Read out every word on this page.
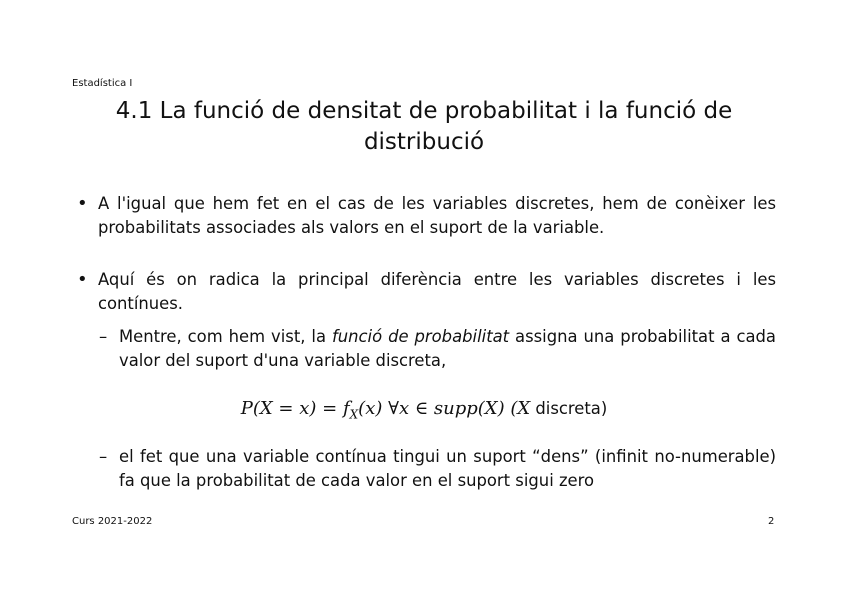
Estadística I
4.1 La funció de densitat de probabilitat i la funció de
distribució
• A l'igual que hem fet en el cas de les variables discretes, hem de conèixer les probabilitats associades als valors en el suport de la variable.
• Aquí és on radica la principal diferència entre les variables discretes i les contínues.
– Mentre, com hem vist, la funció de probabilitat assigna una probabilitat a cada valor del suport d'una variable discreta,
$P(X = x) = f_X(x)$ ∀x ∈ supp(X) (X discreta)
– el fet que una variable contínua tingui un suport “dens” (infinit no-numerable) fa que la probabilitat de cada valor en el suport sigui zero
Curs 2021-2022	2
